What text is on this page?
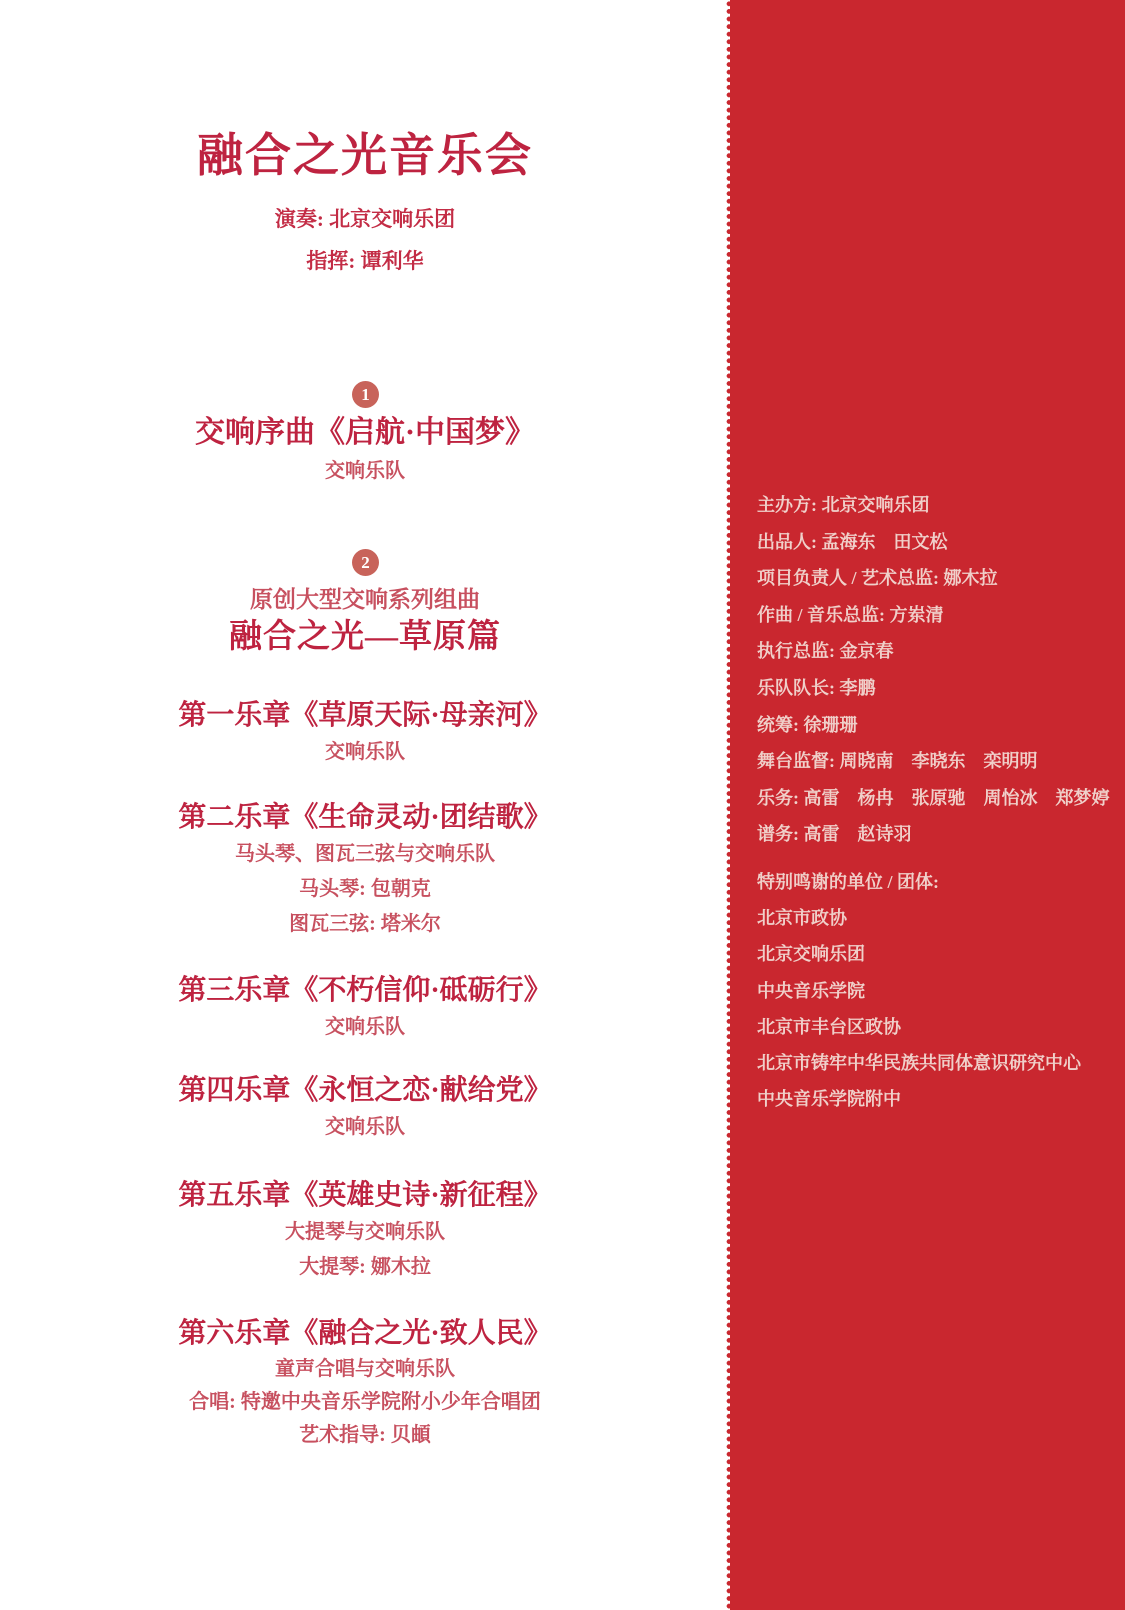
融合之光音乐会
演奏: 北京交响乐团
指挥: 谭利华
1
交响序曲《启航·中国梦》
交响乐队
2
原创大型交响系列组曲
融合之光—草原篇
第一乐章《草原天际·母亲河》
交响乐队
第二乐章《生命灵动·团结歌》
马头琴、图瓦三弦与交响乐队
马头琴: 包朝克
图瓦三弦: 塔米尔
第三乐章《不朽信仰·砥砺行》
交响乐队
第四乐章《永恒之恋·献给党》
交响乐队
第五乐章《英雄史诗·新征程》
大提琴与交响乐队
大提琴: 娜木拉
第六乐章《融合之光·致人民》
童声合唱与交响乐队
合唱: 特邀中央音乐学院附小少年合唱团
艺术指导: 贝頔
主办方: 北京交响乐团
出品人: 孟海东　田文松
项目负责人 / 艺术总监: 娜木拉
作曲 / 音乐总监: 方岽清
执行总监: 金京春
乐队队长: 李鹏
统筹: 徐珊珊
舞台监督: 周晓南　李晓东　栾明明
乐务: 高雷　杨冉　张原驰　周怡冰　郑梦婷
谱务: 高雷　赵诗羽
特别鸣谢的单位 / 团体:
北京市政协
北京交响乐团
中央音乐学院
北京市丰台区政协
北京市铸牢中华民族共同体意识研究中心
中央音乐学院附中
